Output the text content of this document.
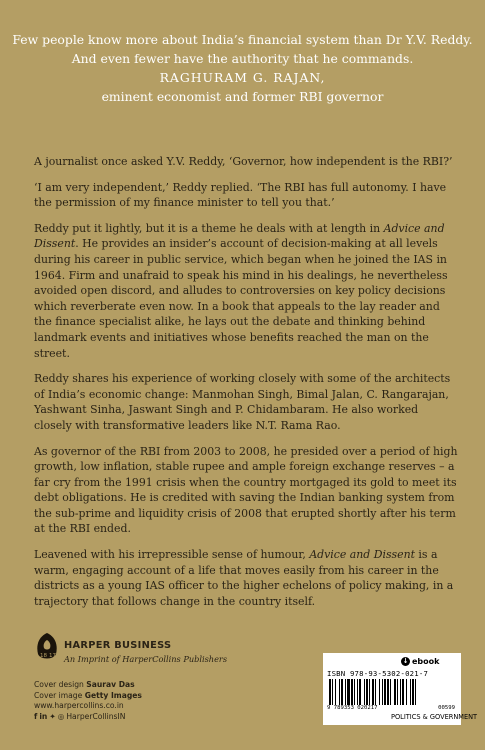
Few people know more about India’s financial system than Dr Y.V. Reddy.
And even fewer have the authority that he commands.
RAGHURAM G. RAJAN,
eminent economist and former RBI governor

A journalist once asked Y.V. Reddy, ‘Governor, how independent is the RBI?’

‘I am very independent,’ Reddy replied. ‘The RBI has full autonomy. I have the permission of my finance minister to tell you that.’

Reddy put it lightly, but it is a theme he deals with at length in Advice and Dissent. He provides an insider’s account of decision-making at all levels during his career in public service, which began when he joined the IAS in 1964. Firm and unafraid to speak his mind in his dealings, he nevertheless avoided open discord, and alludes to controversies on key policy decisions which reverberate even now. In a book that appeals to the lay reader and the finance specialist alike, he lays out the debate and thinking behind landmark events and initiatives whose benefits reached the man on the street.

Reddy shares his experience of working closely with some of the architects of India’s economic change: Manmohan Singh, Bimal Jalan, C. Rangarajan, Yashwant Sinha, Jaswant Singh and P. Chidambaram. He also worked closely with transformative leaders like N.T. Rama Rao.

As governor of the RBI from 2003 to 2008, he presided over a period of high growth, low inflation, stable rupee and ample foreign exchange reserves – a far cry from the 1991 crisis when the country mortgaged its gold to meet its debt obligations. He is credited with saving the Indian banking system from the sub-prime and liquidity crisis of 2008 that erupted shortly after his term at the RBI ended.

Leavened with his irrepressible sense of humour, Advice and Dissent is a warm, engaging account of a life that moves easily from his career in the districts as a young IAS officer to the higher echelons of policy making, in a trajectory that follows change in the country itself.

18 17
HARPER BUSINESS
An Imprint of HarperCollins Publishers
Cover design Saurav Das
Cover image Getty Images
www.harpercollins.co.in
f in ✦ ◎ HarperCollinsIN
↓ ebook
ISBN 978-93-5302-021-7
9 789353 020217	00599
POLITICS & GOVERNMENT
